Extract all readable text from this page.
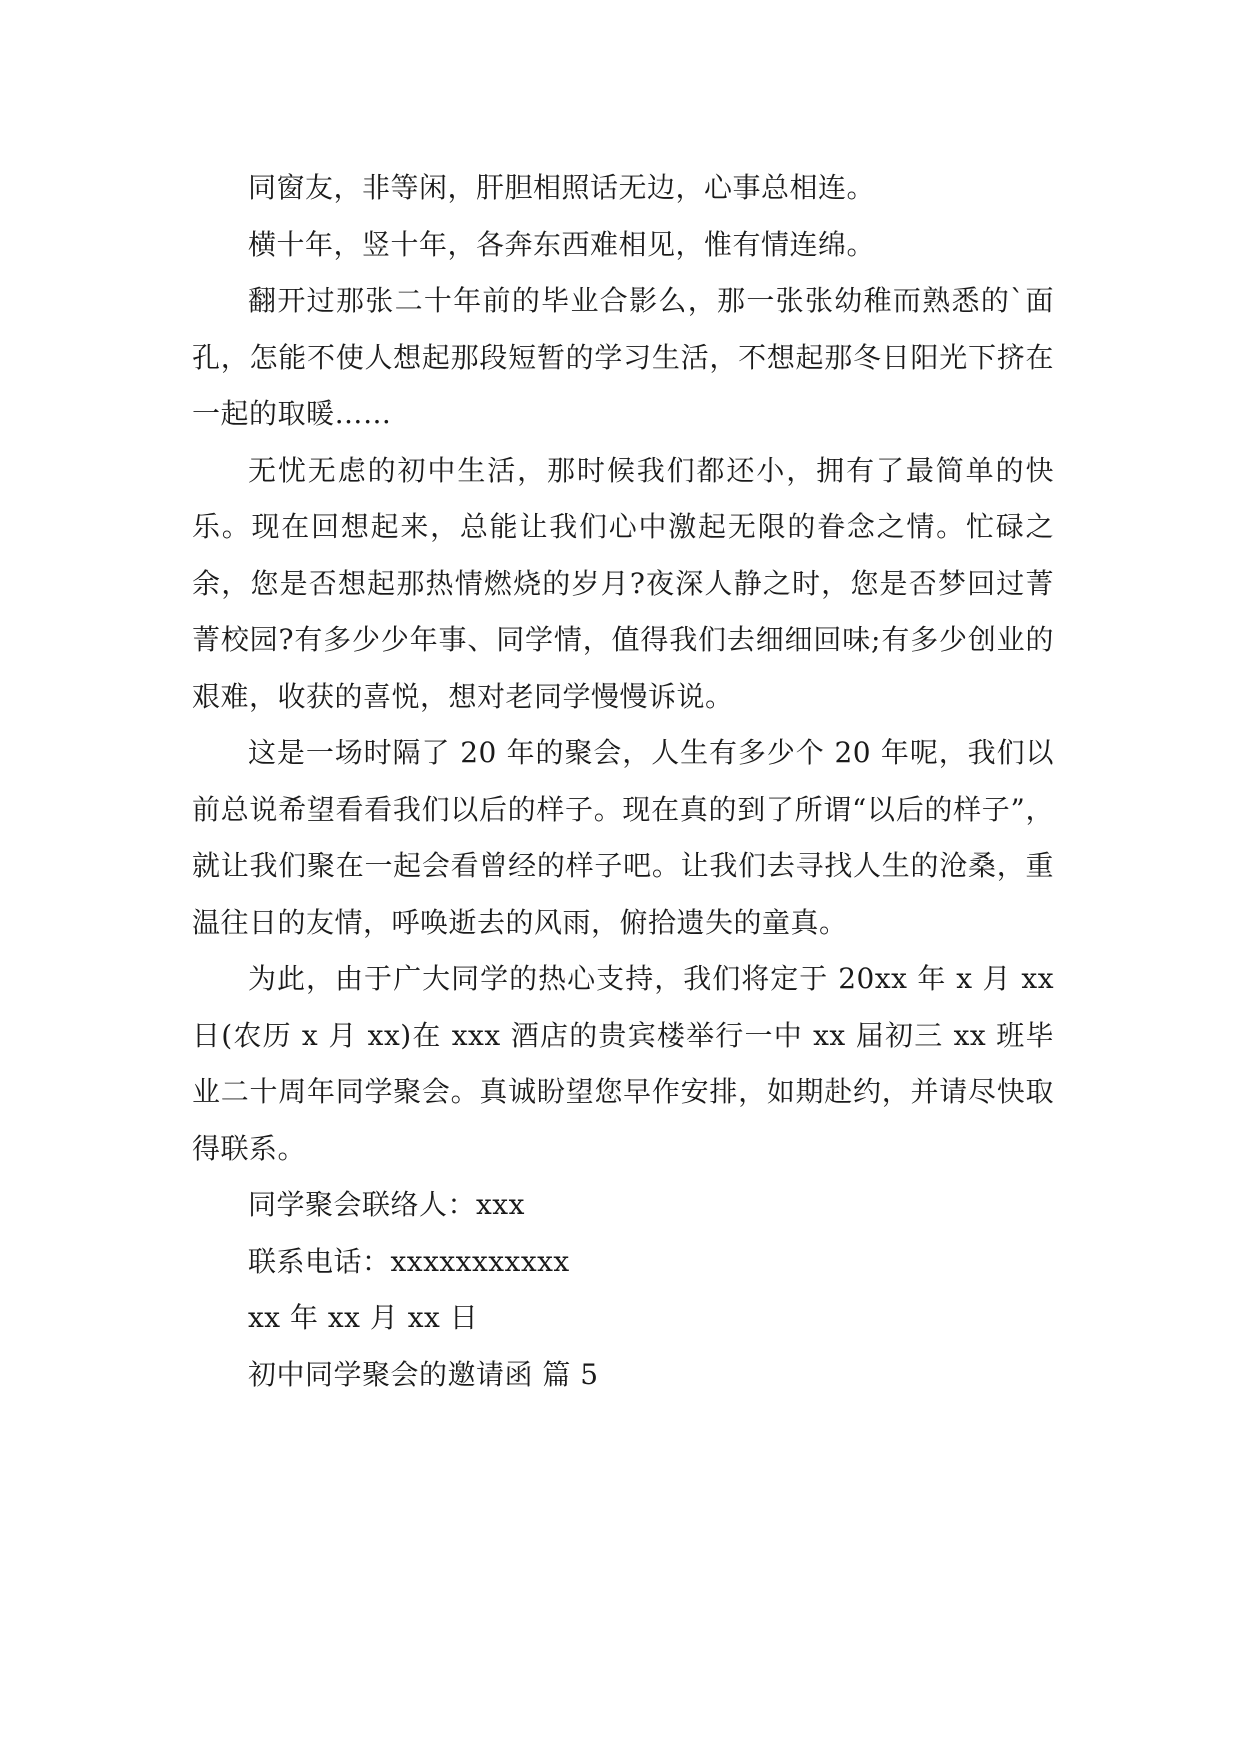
同窗友，非等闲，肝胆相照话无边，心事总相连。

横十年，竖十年，各奔东西难相见，惟有情连绵。

翻开过那张二十年前的毕业合影么，那一张张幼稚而熟悉的`面孔，怎能不使人想起那段短暂的学习生活，不想起那冬日阳光下挤在一起的取暖……

无忧无虑的初中生活，那时候我们都还小，拥有了最简单的快乐。现在回想起来，总能让我们心中激起无限的眷念之情。忙碌之余，您是否想起那热情燃烧的岁月?夜深人静之时，您是否梦回过菁菁校园?有多少少年事、同学情，值得我们去细细回味;有多少创业的艰难，收获的喜悦，想对老同学慢慢诉说。

这是一场时隔了 20 年的聚会，人生有多少个 20 年呢，我们以前总说希望看看我们以后的样子。现在真的到了所谓“以后的样子”，就让我们聚在一起会看曾经的样子吧。让我们去寻找人生的沧桑，重温往日的友情，呼唤逝去的风雨，俯拾遗失的童真。

为此，由于广大同学的热心支持，我们将定于 20xx 年 x 月 xx 日(农历 x 月 xx)在 xxx 酒店的贵宾楼举行一中 xx 届初三 xx 班毕业二十周年同学聚会。真诚盼望您早作安排，如期赴约，并请尽快取得联系。

同学聚会联络人：xxx

联系电话：xxxxxxxxxxx

xx 年 xx 月 xx 日

初中同学聚会的邀请函 篇 5
